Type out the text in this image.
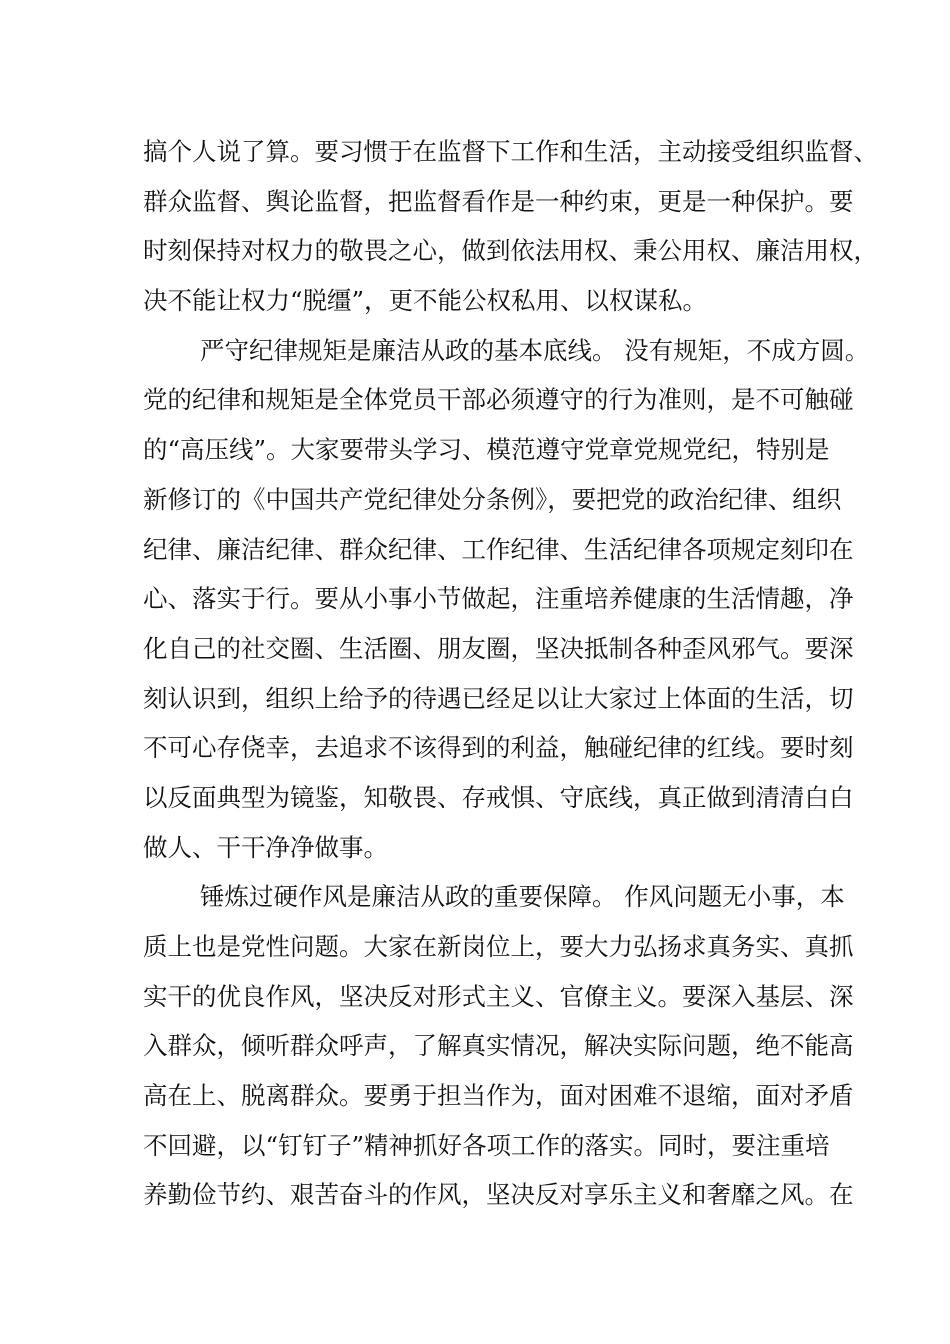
搞个人说了算。要习惯于在监督下工作和生活，主动接受组织监督、
群众监督、舆论监督，把监督看作是一种约束，更是一种保护。要
时刻保持对权力的敬畏之心，做到依法用权、秉公用权、廉洁用权，
决不能让权力“脱缰”，更不能公权私用、以权谋私。
严守纪律规矩是廉洁从政的基本底线。 没有规矩，不成方圆。
党的纪律和规矩是全体党员干部必须遵守的行为准则，是不可触碰
的“高压线”。大家要带头学习、模范遵守党章党规党纪，特别是
新修订的《中国共产党纪律处分条例》，要把党的政治纪律、组织
纪律、廉洁纪律、群众纪律、工作纪律、生活纪律各项规定刻印在
心、落实于行。要从小事小节做起，注重培养健康的生活情趣，净
化自己的社交圈、生活圈、朋友圈，坚决抵制各种歪风邪气。要深
刻认识到，组织上给予的待遇已经足以让大家过上体面的生活，切
不可心存侥幸，去追求不该得到的利益，触碰纪律的红线。要时刻
以反面典型为镜鉴，知敬畏、存戒惧、守底线，真正做到清清白白
做人、干干净净做事。
锤炼过硬作风是廉洁从政的重要保障。 作风问题无小事，本
质上也是党性问题。大家在新岗位上，要大力弘扬求真务实、真抓
实干的优良作风，坚决反对形式主义、官僚主义。要深入基层、深
入群众，倾听群众呼声，了解真实情况，解决实际问题，绝不能高
高在上、脱离群众。要勇于担当作为，面对困难不退缩，面对矛盾
不回避，以“钉钉子”精神抓好各项工作的落实。同时，要注重培
养勤俭节约、艰苦奋斗的作风，坚决反对享乐主义和奢靡之风。在
